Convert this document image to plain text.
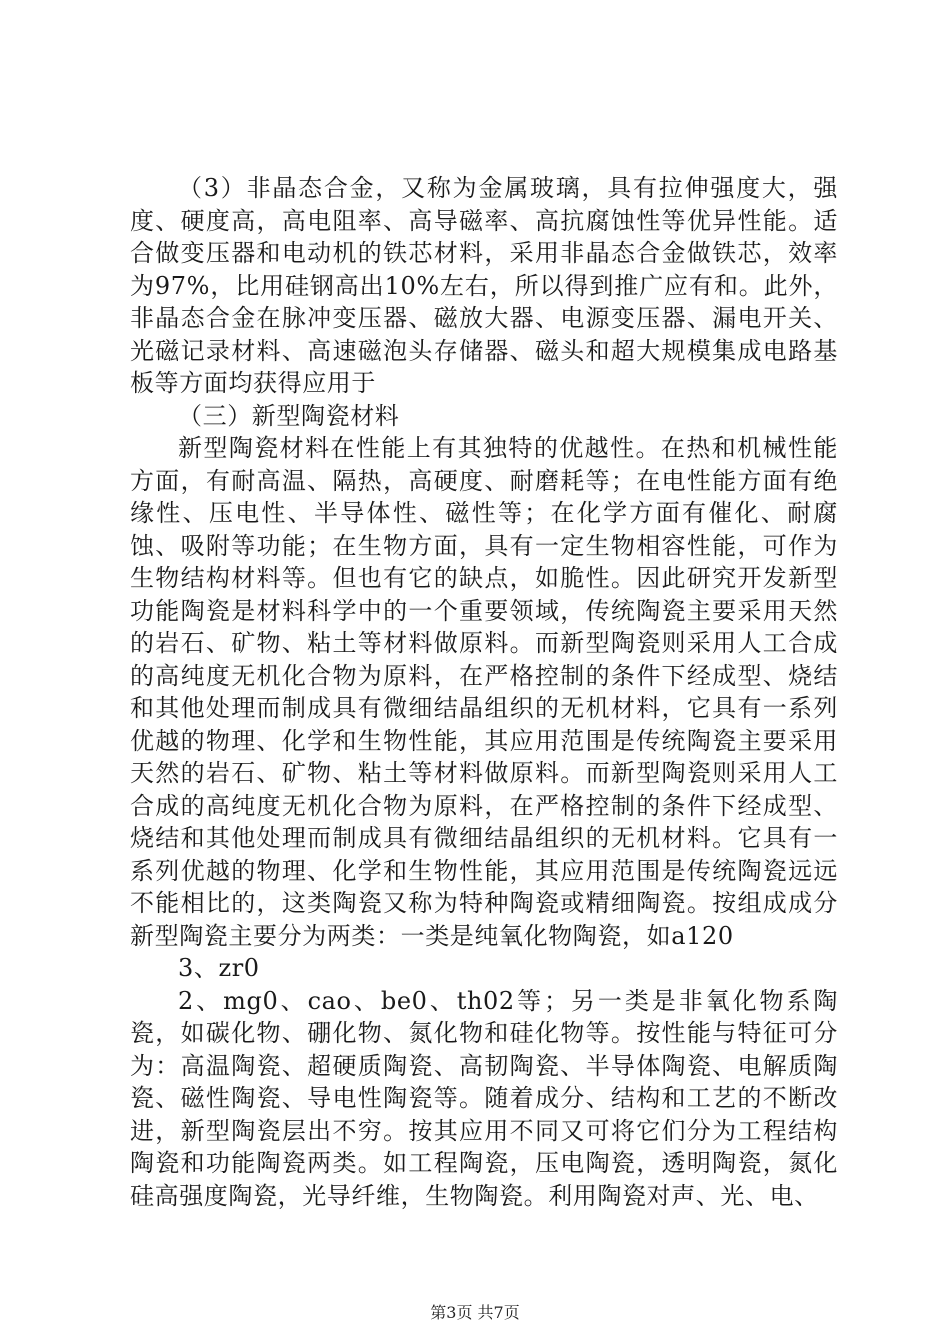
（3）非晶态合金，又称为金属玻璃，具有拉伸强度大，强度、硬度高，高电阻率、高导磁率、高抗腐蚀性等优异性能。适合做变压器和电动机的铁芯材料，采用非晶态合金做铁芯，效率为97%，比用硅钢高出10%左右，所以得到推广应有和。此外，非晶态合金在脉冲变压器、磁放大器、电源变压器、漏电开关、光磁记录材料、高速磁泡头存储器、磁头和超大规模集成电路基板等方面均获得应用于

（三）新型陶瓷材料

新型陶瓷材料在性能上有其独特的优越性。在热和机械性能方面，有耐高温、隔热，高硬度、耐磨耗等；在电性能方面有绝缘性、压电性、半导体性、磁性等；在化学方面有催化、耐腐蚀、吸附等功能；在生物方面，具有一定生物相容性能，可作为生物结构材料等。但也有它的缺点，如脆性。因此研究开发新型功能陶瓷是材料科学中的一个重要领域，传统陶瓷主要采用天然的岩石、矿物、粘土等材料做原料。而新型陶瓷则采用人工合成的高纯度无机化合物为原料，在严格控制的条件下经成型、烧结和其他处理而制成具有微细结晶组织的无机材料，它具有一系列优越的物理、化学和生物性能，其应用范围是传统陶瓷主要采用天然的岩石、矿物、粘土等材料做原料。而新型陶瓷则采用人工合成的高纯度无机化合物为原料，在严格控制的条件下经成型、烧结和其他处理而制成具有微细结晶组织的无机材料。它具有一系列优越的物理、化学和生物性能，其应用范围是传统陶瓷远远不能相比的，这类陶瓷又称为特种陶瓷或精细陶瓷。按组成成分新型陶瓷主要分为两类：一类是纯氧化物陶瓷，如a120

3、zr0

2、mg0、cao、be0、th02等；另一类是非氧化物系陶瓷，如碳化物、硼化物、氮化物和硅化物等。按性能与特征可分为：高温陶瓷、超硬质陶瓷、高韧陶瓷、半导体陶瓷、电解质陶瓷、磁性陶瓷、导电性陶瓷等。随着成分、结构和工艺的不断改进，新型陶瓷层出不穷。按其应用不同又可将它们分为工程结构陶瓷和功能陶瓷两类。如工程陶瓷，压电陶瓷，透明陶瓷，氮化硅高强度陶瓷，光导纤维，生物陶瓷。利用陶瓷对声、光、电、

第3页 共7页
